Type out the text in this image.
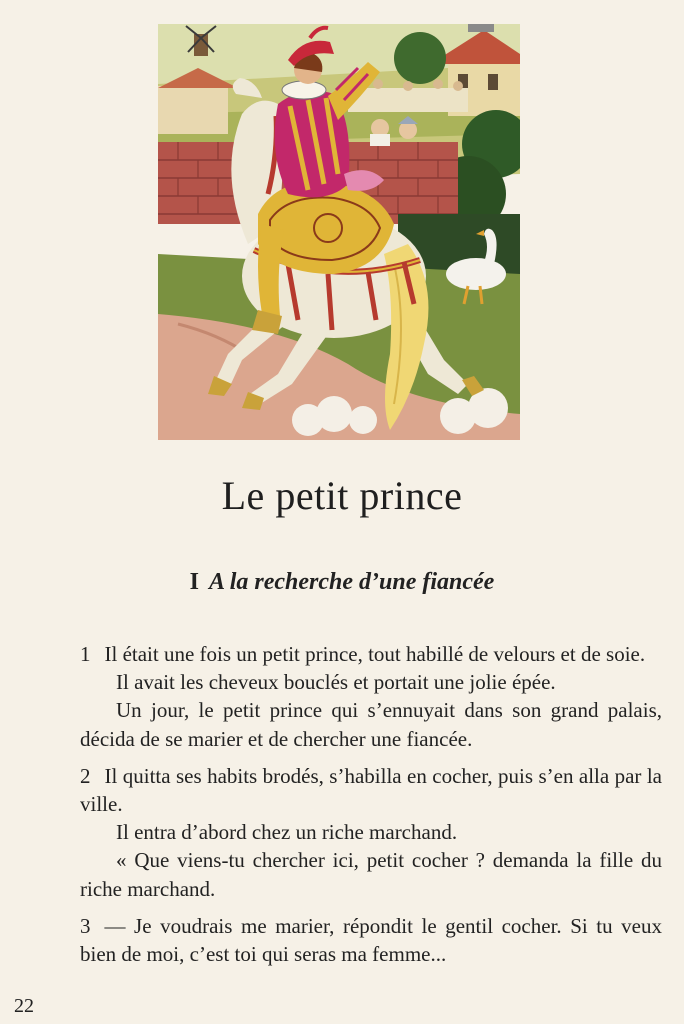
Le petit prince
I A la recherche d’une fiancée

1 Il était une fois un petit prince, tout habillé de velours et de soie.

Il avait les cheveux bouclés et portait une jolie épée.

Un jour, le petit prince qui s’ennuyait dans son grand palais, décida de se marier et de chercher une fiancée.

2 Il quitta ses habits brodés, s’habilla en cocher, puis s’en alla par la ville.

Il entra d’abord chez un riche marchand.

« Que viens-tu chercher ici, petit cocher ? demanda la fille du riche marchand.

3 — Je voudrais me marier, répondit le gentil cocher. Si tu veux bien de moi, c’est toi qui seras ma femme...

22
